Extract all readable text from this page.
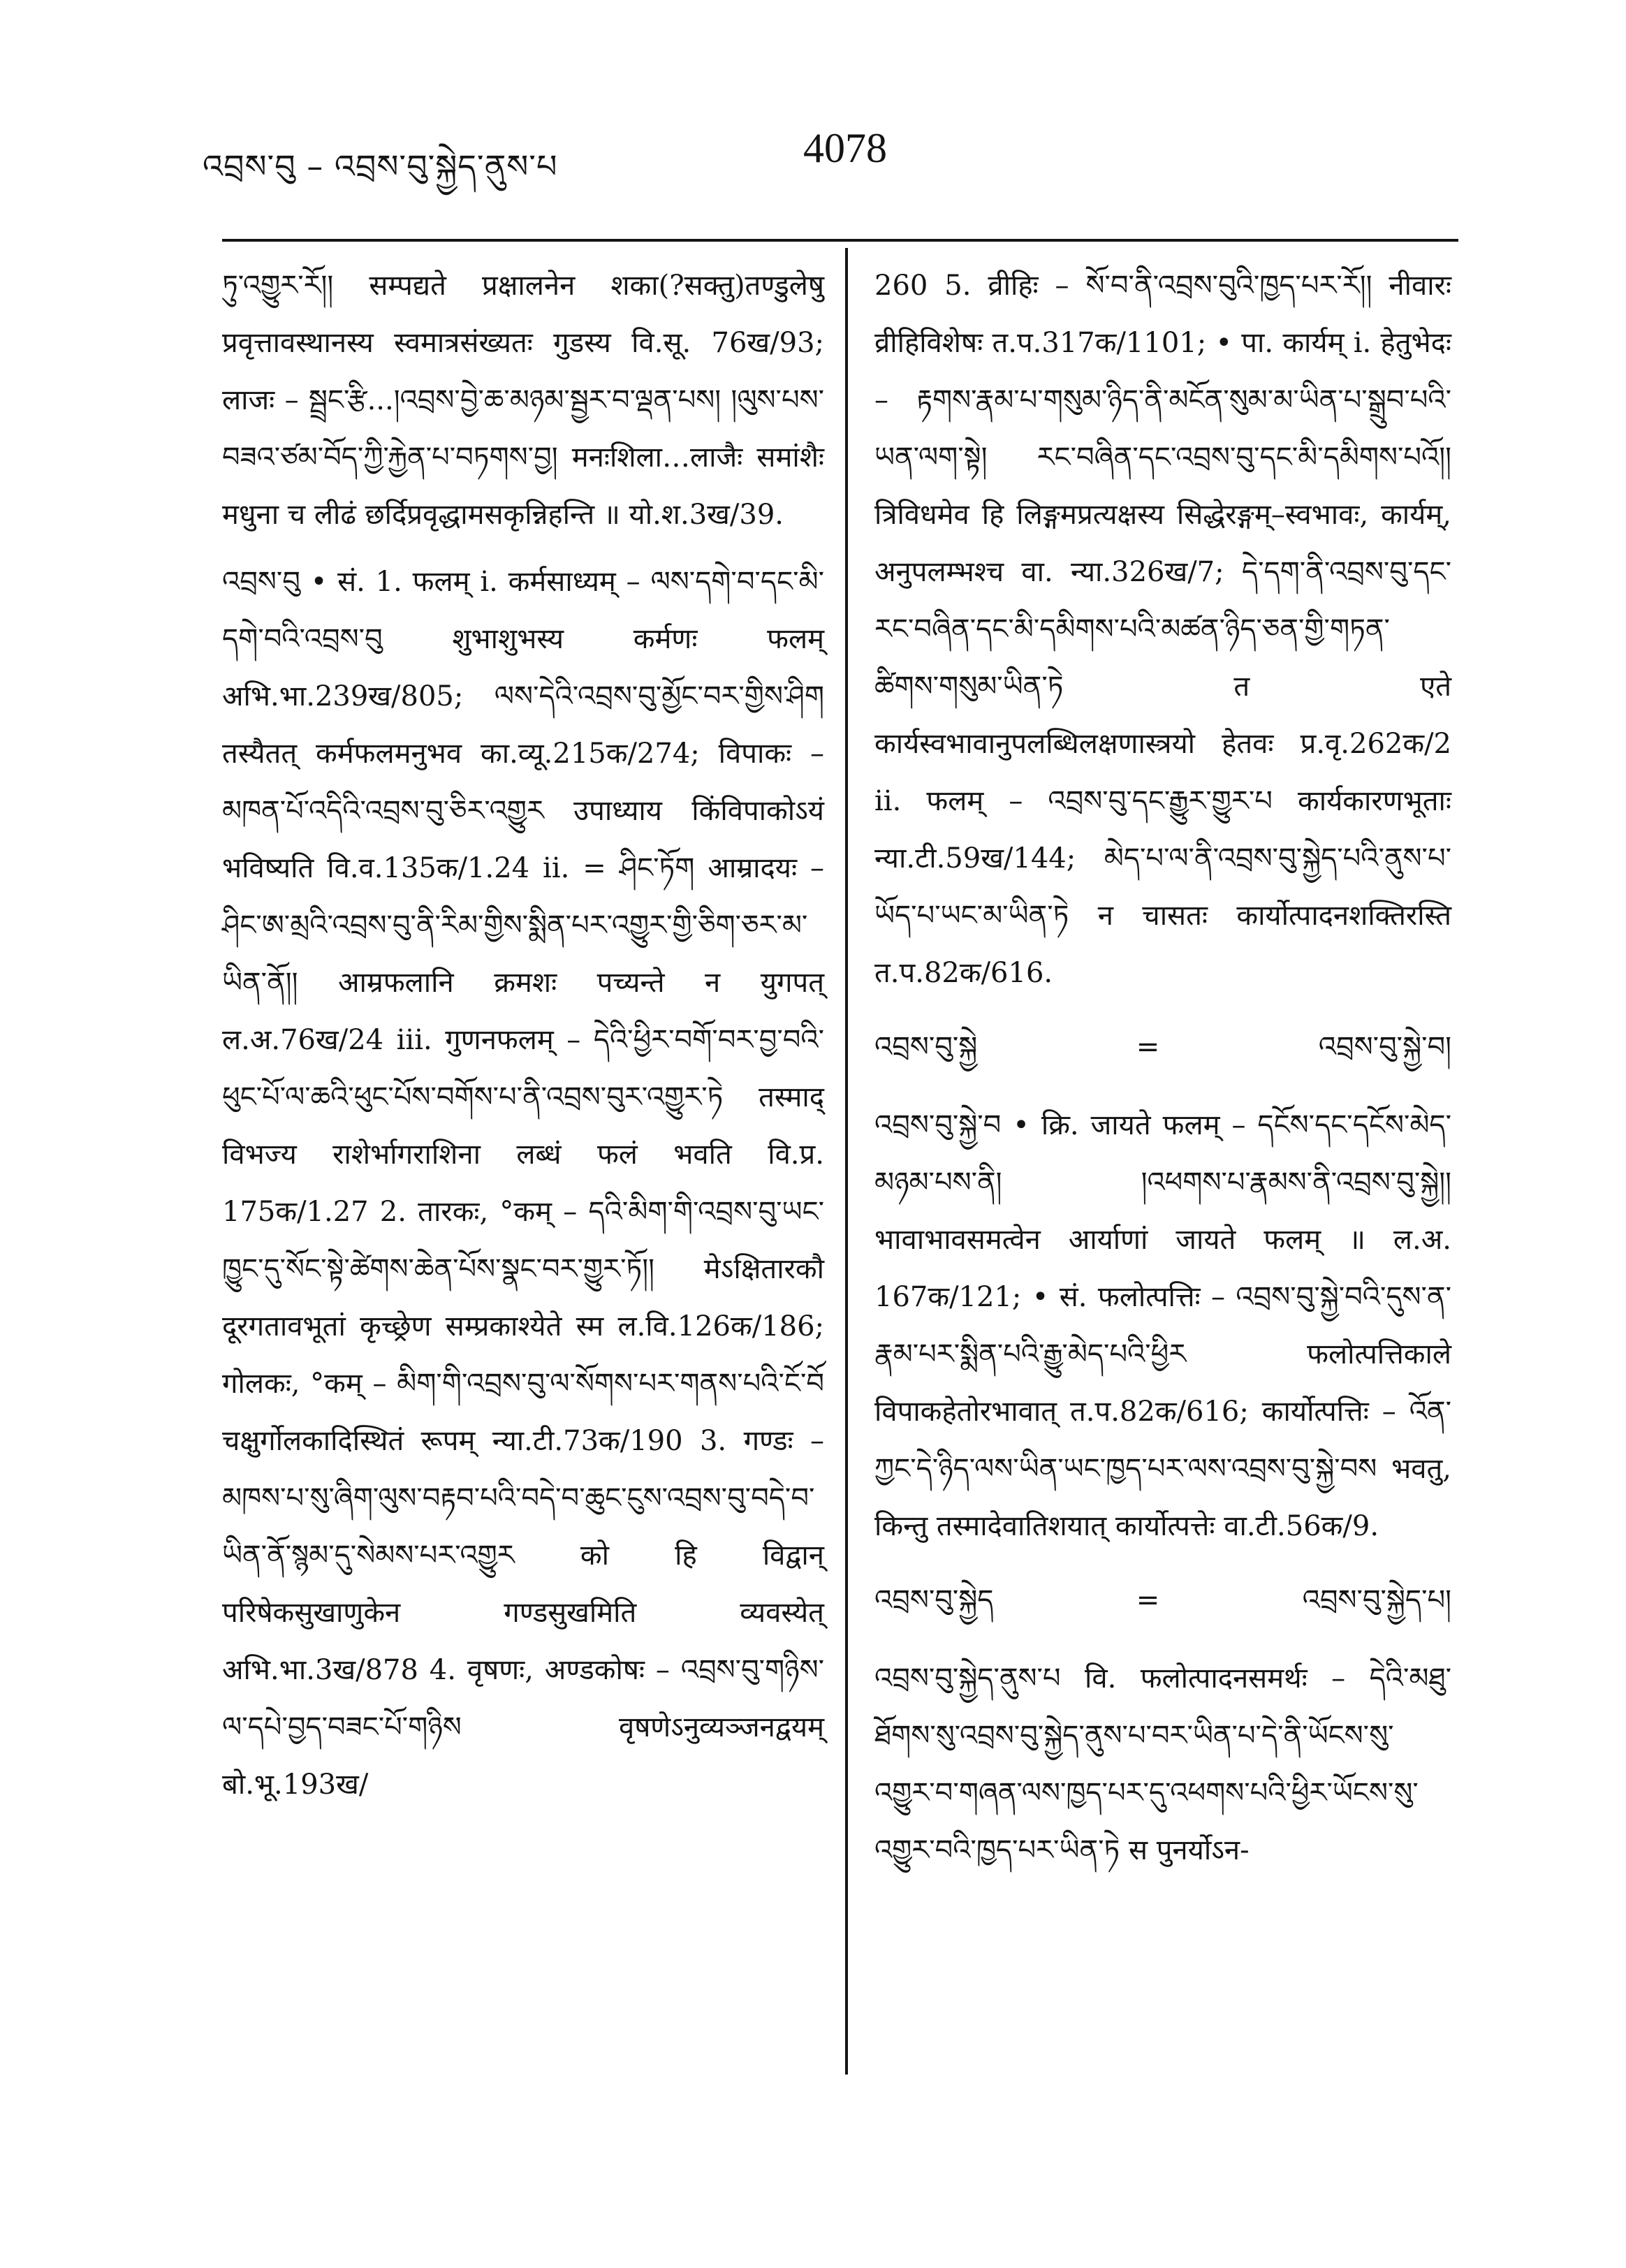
འབྲས་བུ – འབྲས་བུ་སྐྱེད་ནུས་པ	4078

ཏུ་འགྱུར་རོ།། सम्पद्यते प्रक्षालनेन शका(?सक्तु)तण्डुलेषु प्रवृत्तावस्थानस्य स्वमात्रसंख्यतः गुडस्य वि.सू. 76ख/93; लाजः – སྦྲང་རྩི...།འབྲས་བྱེ་ཆ་མཉམ་སྦྱར་བ་ལྡན་པས། །ལུས་པས་བཟའ་ཙམ་བོད་ཀྱི་རྐྱེན་པ་བཏགས་བྱ། मनःशिला…लाजैः समांशैः मधुना च लीढं छर्दिप्रवृद्धामसकृन्निहन्ति ॥ यो.श.3ख/39.

འབྲས་བུ • सं. 1. फलम् i. कर्मसाध्यम् – ལས་དགེ་བ་དང་མི་དགེ་བའི་འབྲས་བུ शुभाशुभस्य कर्मणः फलम् अभि.भा.239ख/805; ལས་དེའི་འབྲས་བུ་མྱོང་བར་གྱིས་ཤིག तस्यैतत् कर्मफलमनुभव का.व्यू.215क/274; विपाकः – མཁན་པོ་འདིའི་འབྲས་བུ་ཅིར་འགྱུར उपाध्याय किंविपाकोऽयं भविष्यति वि.व.135क/1.24 ii. = ཤིང་ཏོག आम्रादयः – ཤིང་ཨ་མྲའི་འབྲས་བུ་ནི་རིམ་གྱིས་སྨིན་པར་འགྱུར་གྱི་ཅིག་ཅར་མ་ཡིན་ནོ།། आम्रफलानि क्रमशः पच्यन्ते न युगपत् ल.अ.76ख/24 iii. गुणनफलम् – དེའི་ཕྱིར་བགོ་བར་བྱ་བའི་ཕུང་པོ་ལ་ཆའི་ཕུང་པོས་བགོས་པ་ནི་འབྲས་བུར་འགྱུར་ཏེ तस्माद् विभज्य राशेर्भागराशिना लब्धं फलं भवति वि.प्र. 175क/1.27 2. तारकः, °कम् – དའི་མིག་གི་འབྲས་བུ་ཡང་ཁྱུང་དུ་སོང་སྟེ་ཚེགས་ཆེན་པོས་སྣང་བར་གྱུར་ཏོ།། मेऽक्षितारकौ दूरगतावभूतां कृच्छ्रेण सम्प्रकाश्येते स्म ल.वि.126क/186; गोलकः, °कम् – མིག་གི་འབྲས་བུ་ལ་སོགས་པར་གནས་པའི་ངོ་བོ चक्षुर्गोलकादिस्थितं रूपम् न्या.टी.73क/190 3. गण्डः – མཁས་པ་སུ་ཞིག་ལུས་བརྟབ་པའི་བདེ་བ་ཆུང་ངུས་འབྲས་བུ་བདེ་བ་ཡིན་ནོ་སྙམ་དུ་སེམས་པར་འགྱུར को हि विद्वान् परिषेकसुखाणुकेन गण्डसुखमिति व्यवस्येत् अभि.भा.3ख/878 4. वृषणः, अण्डकोषः – འབྲས་བུ་གཉིས་ལ་དཔེ་བྱད་བཟང་པོ་གཉིས वृषणेऽनुव्यञ्जनद्वयम् बो.भू.193ख/

260 5. व्रीहिः – སོ་བ་ནི་འབྲས་བུའི་ཁྱད་པར་རོ།། नीवारः व्रीहिविशेषः त.प.317क/1101; • पा. कार्यम् i. हेतुभेदः – རྟགས་རྣམ་པ་གསུམ་ཉིད་ནི་མངོན་སུམ་མ་ཡིན་པ་སྒྲུབ་པའི་ཡན་ལག་སྟེ། རང་བཞིན་དང་འབྲས་བུ་དང་མི་དམིགས་པའོ།། त्रिविधमेव हि लिङ्गमप्रत्यक्षस्य सिद्धेरङ्गम्–स्वभावः, कार्यम्, अनुपलम्भश्च वा. न्या.326ख/7; དེ་དག་ནི་འབྲས་བུ་དང་རང་བཞིན་དང་མི་དམིགས་པའི་མཚན་ཉིད་ཅན་གྱི་གཏན་ཚིགས་གསུམ་ཡིན་ཏེ त एते कार्यस्वभावानुपलब्धिलक्षणास्त्रयो हेतवः प्र.वृ.262क/2 ii. फलम् – འབྲས་བུ་དང་རྒྱུར་གྱུར་པ कार्यकारणभूताः न्या.टी.59ख/144; མེད་པ་ལ་ནི་འབྲས་བུ་སྐྱེད་པའི་ནུས་པ་ཡོད་པ་ཡང་མ་ཡིན་ཏེ न चासतः कार्योत्पादनशक्तिरस्ति त.प.82क/616.

འབྲས་བུ་སྐྱེ	=	འབྲས་བུ་སྐྱེ་བ།

འབྲས་བུ་སྐྱེ་བ • क्रि. जायते फलम् – དངོས་དང་དངོས་མེད་མཉམ་པས་ནི། །འཕགས་པ་རྣམས་ནི་འབྲས་བུ་སྐྱེ།། भावाभावसमत्वेन आर्याणां जायते फलम् ॥ ल.अ. 167क/121; • सं. फलोत्पत्तिः – འབྲས་བུ་སྐྱེ་བའི་དུས་ན་རྣམ་པར་སྨིན་པའི་རྒྱུ་མེད་པའི་ཕྱིར फलोत्पत्तिकाले विपाकहेतोरभावात् त.प.82क/616; कार्योत्पत्तिः – འོན་ཀྱང་དེ་ཉིད་ལས་ཡིན་ཡང་ཁྱད་པར་ལས་འབྲས་བུ་སྐྱེ་བས भवतु, किन्तु तस्मादेवातिशयात् कार्योत्पत्तेः वा.टी.56क/9.

འབྲས་བུ་སྐྱེད	=	འབྲས་བུ་སྐྱེད་པ།

འབྲས་བུ་སྐྱེད་ནུས་པ वि. फलोत्पादनसमर्थः – དེའི་མཐུ་ཐོགས་སུ་འབྲས་བུ་སྐྱེད་ནུས་པ་བར་ཡིན་པ་དེ་ནི་ཡོངས་སུ་འགྱུར་བ་གཞན་ལས་ཁྱད་པར་དུ་འཕགས་པའི་ཕྱིར་ཡོངས་སུ་འགྱུར་བའི་ཁྱད་པར་ཡིན་ཏེ स पुनर्योऽन-
